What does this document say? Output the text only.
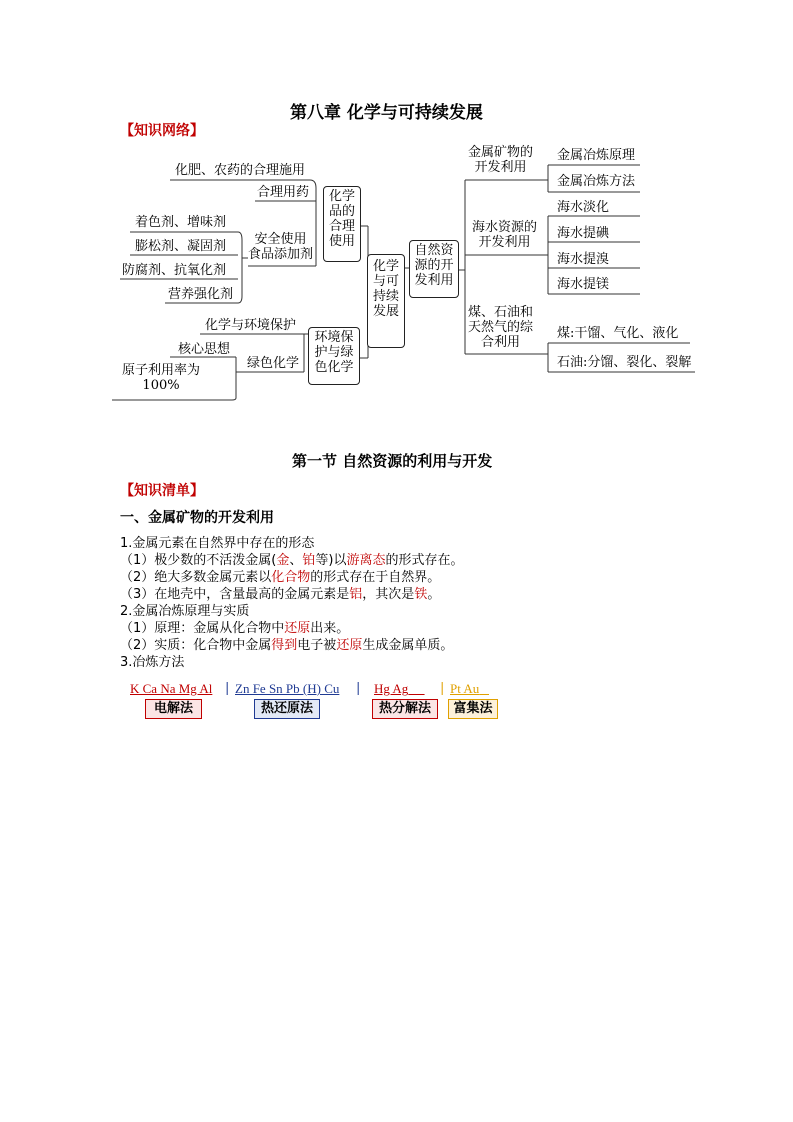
第八章 化学与可持续发展
【知识网络】
化学
与可
持续
发展
化学
品的
合理
使用
环境保
护与绿
色化学
自然资
源的开
发利用
化肥、农药的合理施用
合理用药
安全使用
食品添加剂
着色剂、增味剂
膨松剂、凝固剂
防腐剂、抗氧化剂
营养强化剂
化学与环境保护
绿色化学
核心思想
原子利用率为
100%
金属矿物的
开发利用
金属冶炼原理
金属冶炼方法
海水资源的
开发利用
海水淡化
海水提碘
海水提溴
海水提镁
煤、石油和
天然气的综
合利用
煤:干馏、气化、液化
石油:分馏、裂化、裂解
第一节 自然资源的利用与开发
【知识清单】
一、金属矿物的开发利用
1.金属元素在自然界中存在的形态
（1）极少数的不活泼金属(金、铂等)以游离态的形式存在。
（2）绝大多数金属元素以化合物的形式存在于自然界。
（3）在地壳中，含量最高的金属元素是铝，其次是铁。
2.金属冶炼原理与实质
（1）原理：金属从化合物中还原出来。
（2）实质：化合物中金属得到电子被还原生成金属单质。
3.冶炼方法
K Ca Na Mg Al | Zn Fe Sn Pb (H) Cu | Hg Ag	| Pt Au
电解法	热还原法	热分解法	富集法
